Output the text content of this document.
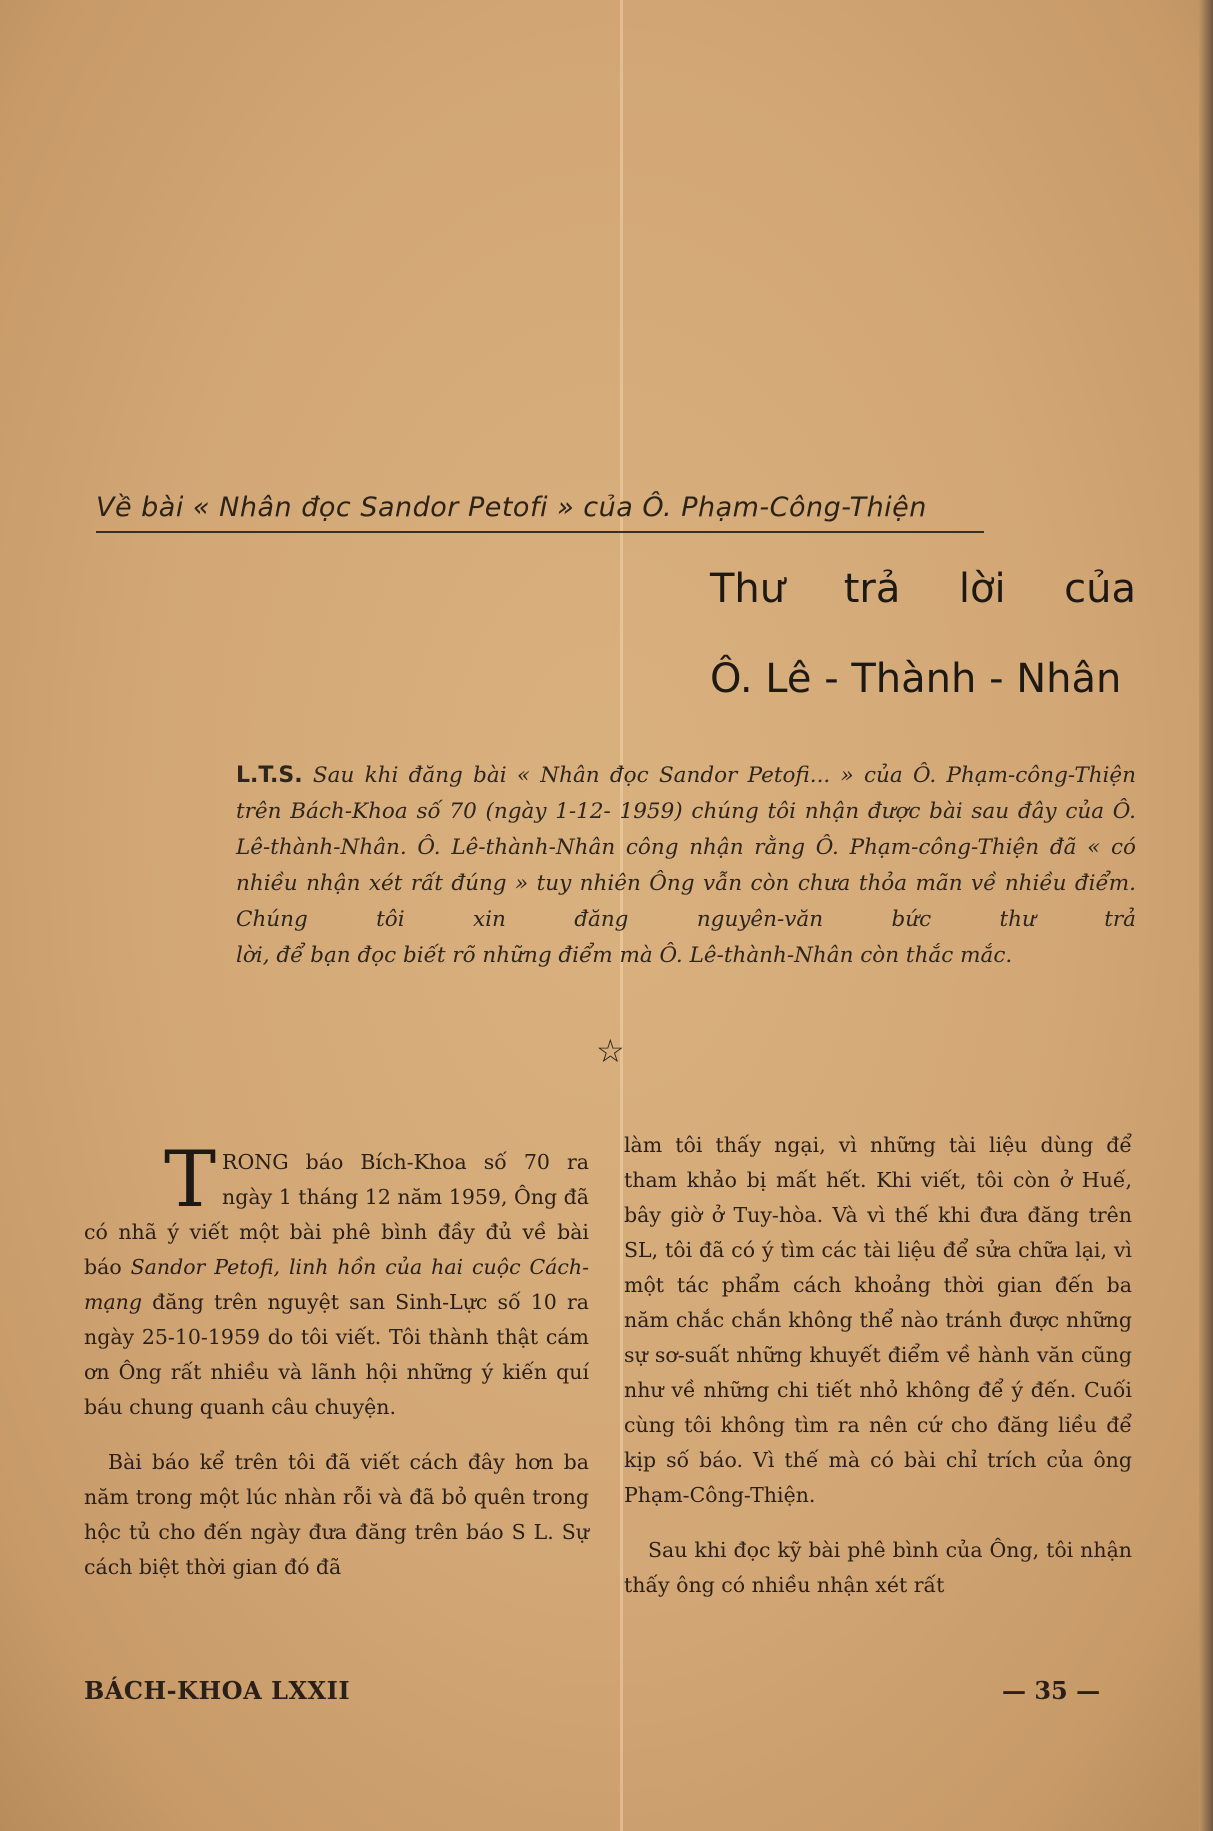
Về bài « Nhân đọc Sandor Petofi » của Ô. Phạm-Công-Thiện
Thư trả lời của
Ô. Lê - Thành - Nhân
L.T.S. Sau khi đăng bài « Nhân đọc Sandor Petofi... » của Ô. Phạm-công-Thiện trên Bách-Khoa số 70 (ngày 1-12- 1959) chúng tôi nhận được bài sau đây của Ô. Lê-thành-Nhân. Ô. Lê-thành-Nhân công nhận rằng Ô. Phạm-công-Thiện đã « có nhiều nhận xét rất đúng » tuy nhiên Ông vẫn còn chưa thỏa mãn về nhiều điểm. Chúng tôi xin đăng nguyên-văn bức thư trả
lời, để bạn đọc biết rõ những điểm mà Ô. Lê-thành-Nhân còn thắc mắc.
☆

TRONG báo Bích-Khoa số 70 ra ngày 1 tháng 12 năm 1959, Ông đã có nhã ý viết một bài phê bình đầy đủ về bài báo Sandor Petofi, linh hồn của hai cuộc Cách-mạng đăng trên nguyệt san Sinh-Lực số 10 ra ngày 25-10-1959 do tôi viết. Tôi thành thật cám ơn Ông rất nhiều và lãnh hội những ý kiến quí báu chung quanh câu chuyện.

Bài báo kể trên tôi đã viết cách đây hơn ba năm trong một lúc nhàn rỗi và đã bỏ quên trong hộc tủ cho đến ngày đưa đăng trên báo S L. Sự cách biệt thời gian đó đã

làm tôi thấy ngại, vì những tài liệu dùng để tham khảo bị mất hết. Khi viết, tôi còn ở Huế, bây giờ ở Tuy-hòa. Và vì thế khi đưa đăng trên SL, tôi đã có ý tìm các tài liệu để sửa chữa lại, vì một tác phẩm cách khoảng thời gian đến ba năm chắc chắn không thể nào tránh được những sự sơ-suất những khuyết điểm về hành văn cũng như về những chi tiết nhỏ không để ý đến. Cuối cùng tôi không tìm ra nên cứ cho đăng liều để kịp số báo. Vì thế mà có bài chỉ trích của ông Phạm-Công-Thiện.

Sau khi đọc kỹ bài phê bình của Ông, tôi nhận thấy ông có nhiều nhận xét rất

BÁCH-KHOA LXXII	— 35 —
